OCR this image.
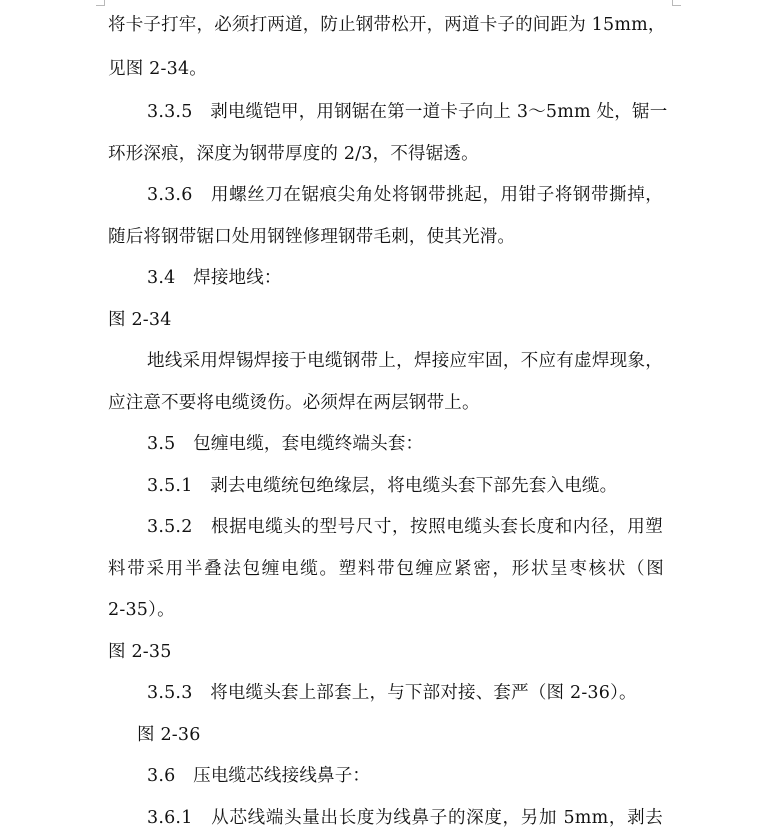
将卡子打牢，必须打两道，防止钢带松开，两道卡子的间距为 15mm，
见图 2-34。
3.3.5　剥电缆铠甲，用钢锯在第一道卡子向上 3～5mm 处，锯一
环形深痕，深度为钢带厚度的 2/3，不得锯透。
3.3.6　用螺丝刀在锯痕尖角处将钢带挑起，用钳子将钢带撕掉，
随后将钢带锯口处用钢锉修理钢带毛刺，使其光滑。
3.4　焊接地线：
图 2-34
地线采用焊锡焊接于电缆钢带上，焊接应牢固，不应有虚焊现象，
应注意不要将电缆烫伤。必须焊在两层钢带上。
3.5　包缠电缆，套电缆终端头套：
3.5.1　剥去电缆统包绝缘层，将电缆头套下部先套入电缆。
3.5.2　根据电缆头的型号尺寸，按照电缆头套长度和内径，用塑
料带采用半叠法包缠电缆。塑料带包缠应紧密，形状呈枣核状（图
2-35）。
图 2-35
3.5.3　将电缆头套上部套上，与下部对接、套严（图 2-36）。
图 2-36
3.6　压电缆芯线接线鼻子：
3.6.1　从芯线端头量出长度为线鼻子的深度，另加 5mm，剥去
